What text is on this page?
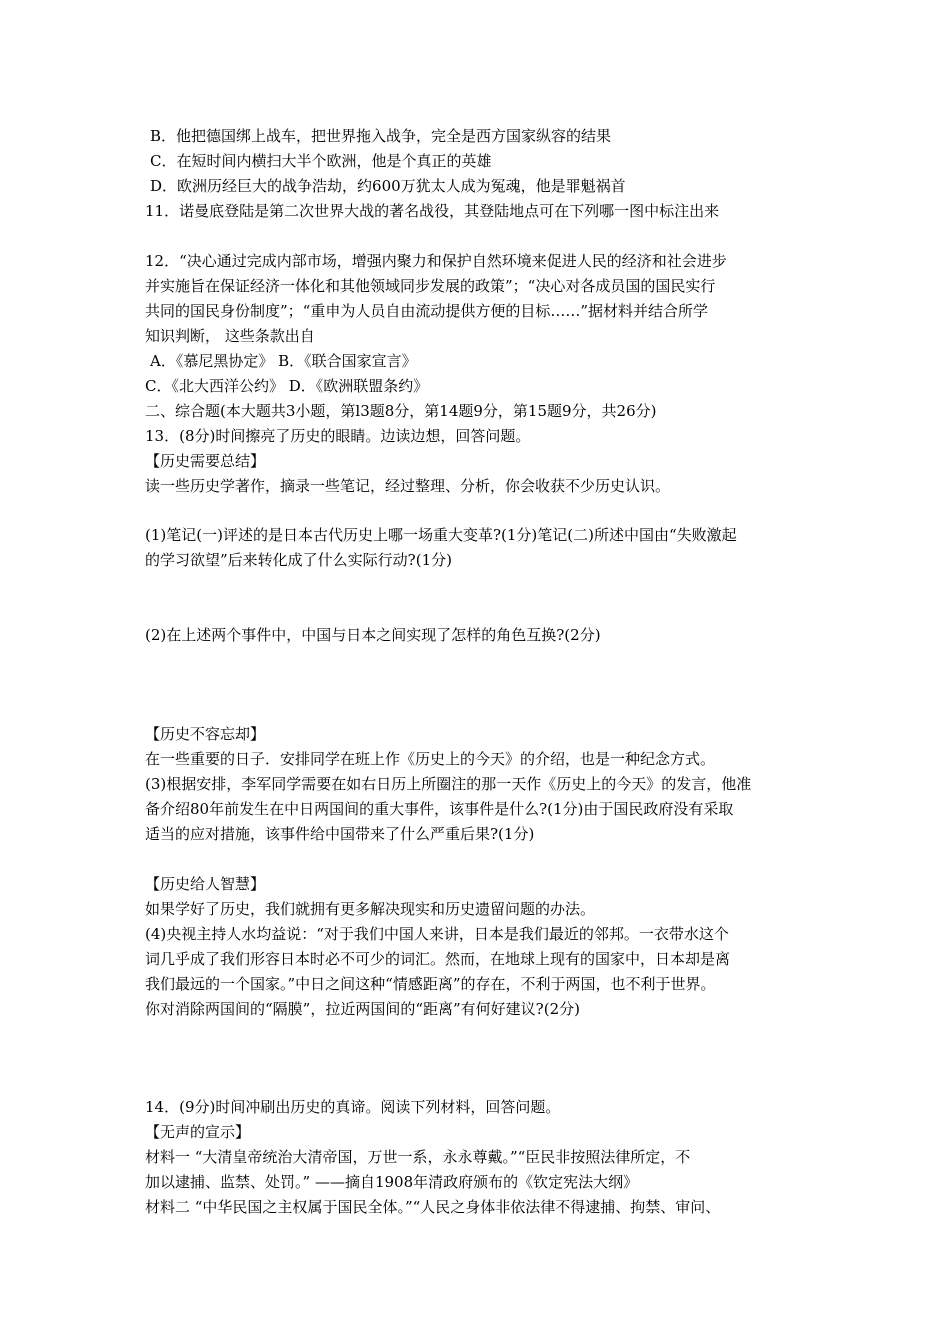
B．他把德国绑上战车，把世界拖入战争，完全是西方国家纵容的结果
C．在短时间内横扫大半个欧洲，他是个真正的英雄
D．欧洲历经巨大的战争浩劫，约600万犹太人成为冤魂，他是罪魁祸首
11．诺曼底登陆是第二次世界大战的著名战役，其登陆地点可在下列哪一图中标注出来
12．“决心通过完成内部市场，增强内聚力和保护自然环境来促进人民的经济和社会进步
并实施旨在保证经济一体化和其他领域同步发展的政策”；“决心对各成员国的国民实行
共同的国民身份制度”；“重申为人员自由流动提供方便的目标……”据材料并结合所学
知识判断， 这些条款出自
A．《慕尼黑协定》 B．《联合国家宣言》
C．《北大西洋公约》 D．《欧洲联盟条约》
二、综合题(本大题共3小题，第l3题8分，第14题9分，第15题9分，共26分)
13．(8分)时间擦亮了历史的眼睛。边读边想，回答问题。
【历史需要总结】
读一些历史学著作，摘录一些笔记，经过整理、分析，你会收获不少历史认识。
(1)笔记(一)评述的是日本古代历史上哪一场重大变革?(1分)笔记(二)所述中国由“失败激起
的学习欲望”后来转化成了什么实际行动?(1分)
(2)在上述两个事件中，中国与日本之间实现了怎样的角色互换?(2分)
【历史不容忘却】
在一些重要的日子．安排同学在班上作《历史上的今天》的介绍，也是一种纪念方式。
(3)根据安排，李军同学需要在如右日历上所圈注的那一天作《历史上的今天》的发言，他准
备介绍80年前发生在中日两国间的重大事件，该事件是什么?(1分)由于国民政府没有采取
适当的应对措施，该事件给中国带来了什么严重后果?(1分)
【历史给人智慧】
如果学好了历史，我们就拥有更多解决现实和历史遗留问题的办法。
(4)央视主持人水均益说：“对于我们中国人来讲，日本是我们最近的邻邦。一衣带水这个
词几乎成了我们形容日本时必不可少的词汇。然而，在地球上现有的国家中，日本却是离
我们最远的一个国家。”中日之间这种“情感距离”的存在，不利于两国，也不利于世界。
你对消除两国间的“隔膜”，拉近两国间的“距离”有何好建议?(2分)
14．(9分)时间冲刷出历史的真谛。阅读下列材料，回答问题。
【无声的宣示】
材料一 “大清皇帝统治大清帝国，万世一系，永永尊戴。”“臣民非按照法律所定，不
加以逮捕、监禁、处罚。” ——摘自1908年清政府颁布的《钦定宪法大纲》
材料二 “中华民国之主权属于国民全体。”“人民之身体非依法律不得逮捕、拘禁、审问、
